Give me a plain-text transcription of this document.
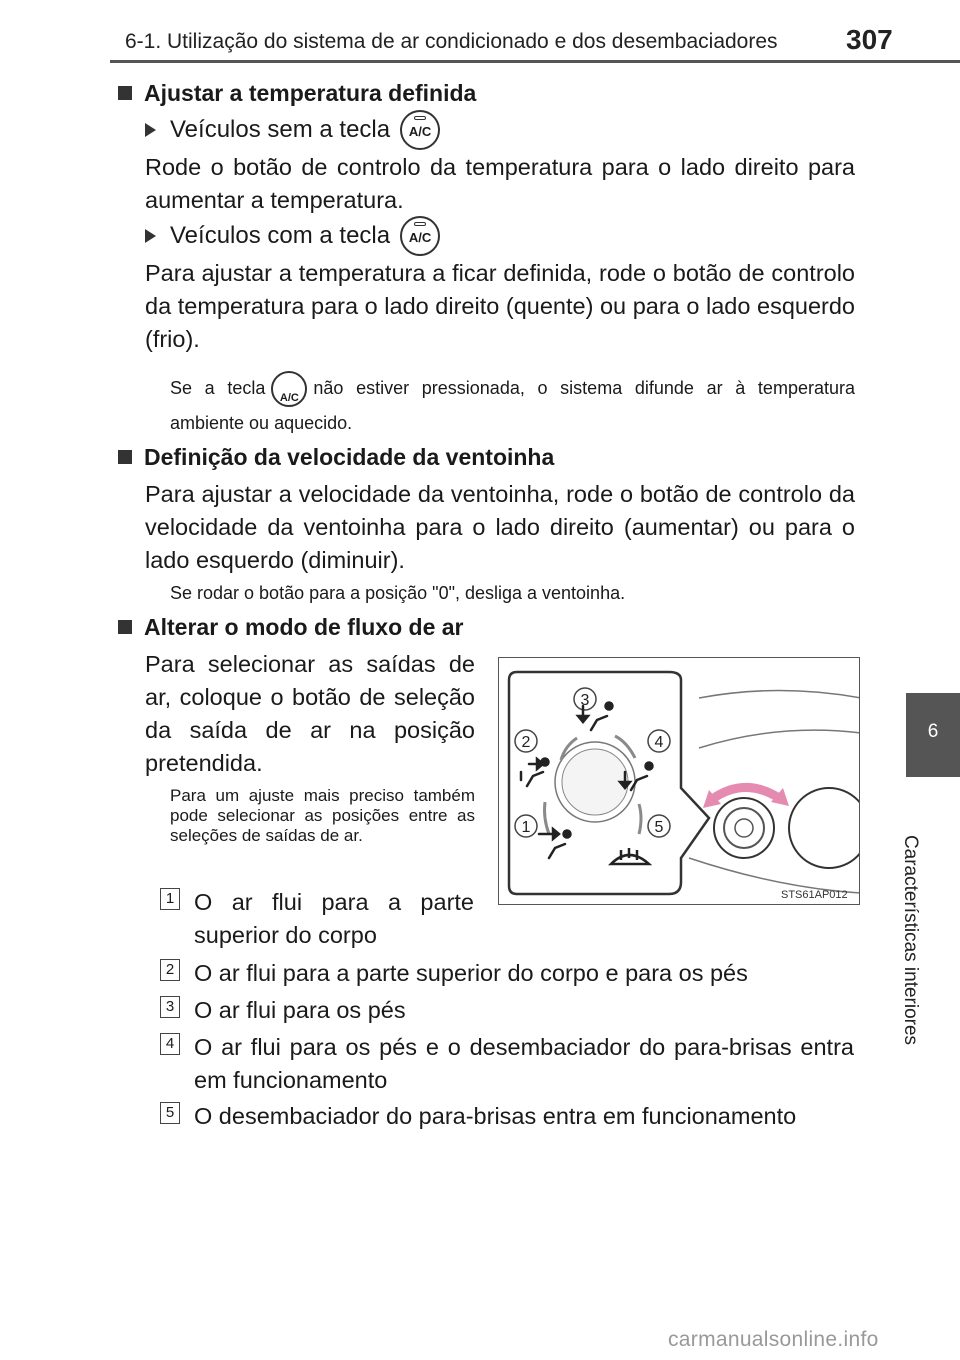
6-1. Utilização do sistema de ar condicionado e dos desembaciadores 307
6
Características interiores
Ajustar a temperatura definida
Veículos sem a tecla	A/C
Rode o botão de controlo da temperatura para o lado direito para aumentar a temperatura.
Veículos com a tecla	A/C
Para ajustar a temperatura a ficar definida, rode o botão de controlo da temperatura para o lado direito (quente) ou para o lado esquerdo (frio).
Se a tecla
A/C
não estiver pressionada, o sistema difunde ar à temperatura ambiente ou aquecido.
Definição da velocidade da ventoinha
Para ajustar a velocidade da ventoinha, rode o botão de controlo da velocidade da ventoinha para o lado direito (aumentar) ou para o lado esquerdo (diminuir).
Se rodar o botão para a posição "0", desliga a ventoinha.
Alterar o modo de fluxo de ar
Para selecionar as saídas de ar, coloque o botão de seleção da saída de ar na posição pretendida.
Para um ajuste mais preciso também pode selecionar as posições entre as seleções de saídas de ar.	1
2
3
4
5
STS61AP012
1 O ar flui para a parte superior do corpo
2 O ar flui para a parte superior do corpo e para os pés
3 O ar flui para os pés
4 O ar flui para os pés e o desembaciador do para-brisas entra em funcionamento
5 O desembaciador do para-brisas entra em funcionamento
carmanualsonline.info
